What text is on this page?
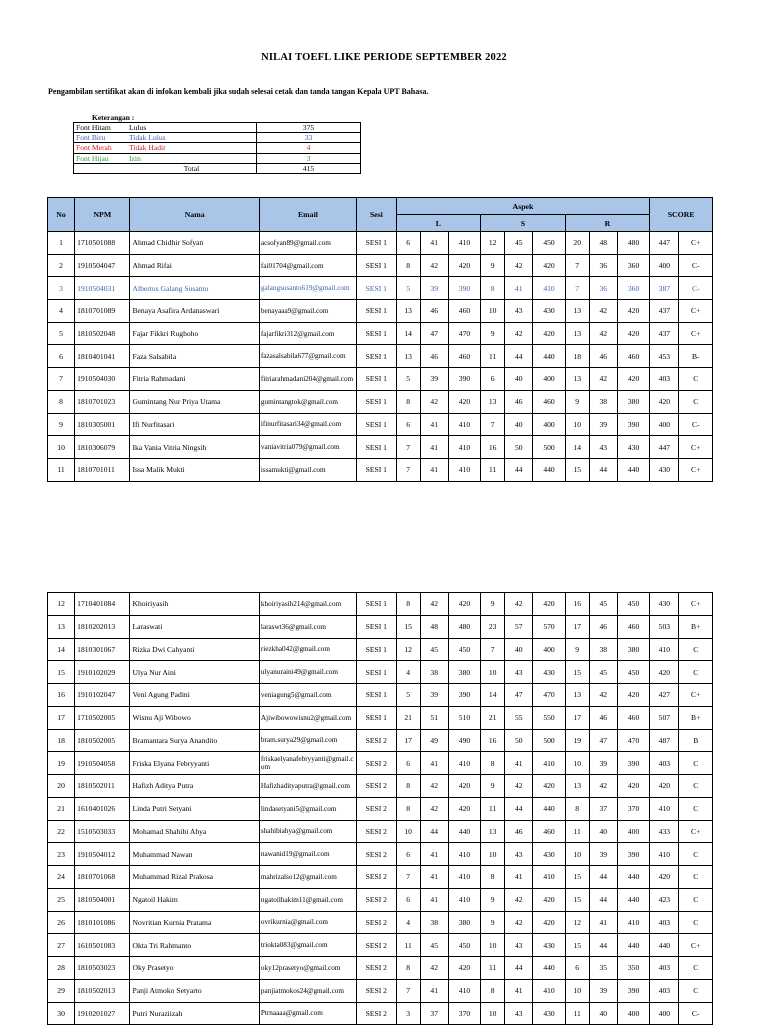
NILAI TOEFL LIKE PERIODE SEPTEMBER 2022
Pengambilan sertifikat akan di infokan kembali jika sudah selesai cetak dan tanda tangan Kepala UPT Bahasa.
Keterangan :
Font Hitam	Lulus	375
Font Biru	Tidak Lulus	33
Font Merah	Tidak Hadir	4
Font Hijau	Izin	3
	Total	415
No	NPM	Nama	Email	Sesi	Aspek									SCORE	
					L			S			R				
1	1710501088	Ahmad Chidhir Sofyan	acsofyan89@gmail.com	SESI 1	6	41	410	12	45	450	20	48	480	447	C+
2	1910504047	Ahmad Rifai	fai01704@gmail.com	SESI 1	8	42	420	9	42	420	7	36	360	400	C-
3	1910504031	Albertus Galang Susanto	galangsusanto619@gmail.com	SESI 1	5	39	390	8	41	410	7	36	360	387	C-
4	1810701089	Benaya Asafira Ardanaswari	benayaaa9@gmail.com	SESI 1	13	46	460	10	43	430	13	42	420	437	C+
5	1810502048	Fajar Fikkri Rughoho	fajarfikri312@gmail.com	SESI 1	14	47	470	9	42	420	13	42	420	437	C+
6	1810401041	Faza Salsabila	fazasalsabila677@gmail.com	SESI 1	13	46	460	11	44	440	18	46	460	453	B-
7	1910504030	Fitria Rahmadani	fitriarahmadani204@gmail.com	SESI 1	5	39	390	6	40	400	13	42	420	403	C
8	1810701023	Gumintang Nur Priya Utama	gumintangtok@gmail.com	SESI 1	8	42	420	13	46	460	9	38	380	420	C
9	1810305001	Ifi Nurfitasari	ifinurfitasari34@gmail.com	SESI 1	6	41	410	7	40	400	10	39	390	400	C-
10	1810306079	Ika Vania Vitria Ningsih	vaniavitria079@gmail.com	SESI 1	7	41	410	16	50	500	14	43	430	447	C+
11	1810701011	Issa Malik Mukti	issamukti@gmail.com	SESI 1	7	41	410	11	44	440	15	44	440	430	C+
12	1710401084	Khoiriyasih	khoiriyasih214@gmail.com	SESI 1	8	42	420	9	42	420	16	45	450	430	C+
13	1810202013	Laraswati	laraswt36@gmail.com	SESI 1	15	48	480	23	57	570	17	46	460	503	B+
14	1810301067	Rizka Dwi Cahyanti	riezkha042@gmail.com	SESI 1	12	45	450	7	40	400	9	38	380	410	C
15	1910102029	Ulya Nur Aini	ulyanuraini49@gmail.com	SESI 1	4	38	380	10	43	430	15	45	450	420	C
16	1910102047	Veni Agung Padini	veniagung5@gmail.com	SESI 1	5	39	390	14	47	470	13	42	420	427	C+
17	1710502005	Wisnu Aji Wibowo	Ajiwibowowisnu2@gmail.com	SESI 1	21	51	510	21	55	550	17	46	460	507	B+
18	1810502005	Bramantara Surya Anandito	bram.surya29@gmail.com	SESI 2	17	49	490	16	50	500	19	47	470	487	B
19	1910504058	Friska Elyana Febryyanti	friskaelyanafebryyanti@gmail.com	SESI 2	6	41	410	8	41	410	10	39	390	403	C
20	1810502011	Hafizh Aditya Putra	Hafizhadityaputra@gmail.com	SESI 2	8	42	420	9	42	420	13	42	420	420	C
21	1610401026	Linda Putri Setyani	lindasetyani5@gmail.com	SESI 2	8	42	420	11	44	440	8	37	370	410	C
22	1510503033	Mohamad Shahibi Ahya	shahibiahya@gmail.com	SESI 2	10	44	440	13	46	460	11	40	400	433	C+
23	1910504012	Muhammad Nawan	nawanid19@gmail.com	SESI 2	6	41	410	10	43	430	10	39	390	410	C
24	1810701068	Muhammad Rizal Prakosa	mahrizalso12@gmail.com	SESI 2	7	41	410	8	41	410	15	44	440	420	C
25	1810504001	Ngatoil Hakim	ngatoilhakim11@gmail.com	SESI 2	6	41	410	9	42	420	15	44	440	423	C
26	1810101086	Novritian Kurnia Pratama	ovrikurnia@gmail.com	SESI 2	4	38	380	9	42	420	12	41	410	403	C
27	1610501083	Okta Tri Rahmanto	triokta083@gmail.com	SESI 2	11	45	450	10	43	430	15	44	440	440	C+
28	1810503023	Oky Prasetyo	oky12prasetyo@gmail.com	SESI 2	8	42	420	11	44	440	6	35	350	403	C
29	1810502013	Panji Atmoko Setyarto	panjiatmokos24@gmail.com	SESI 2	7	41	410	8	41	410	10	39	390	403	C
30	1910201027	Putri Nuraziizah	Ptrnaaaa@gmail.com	SESI 2	3	37	370	10	43	430	11	40	400	400	C-
